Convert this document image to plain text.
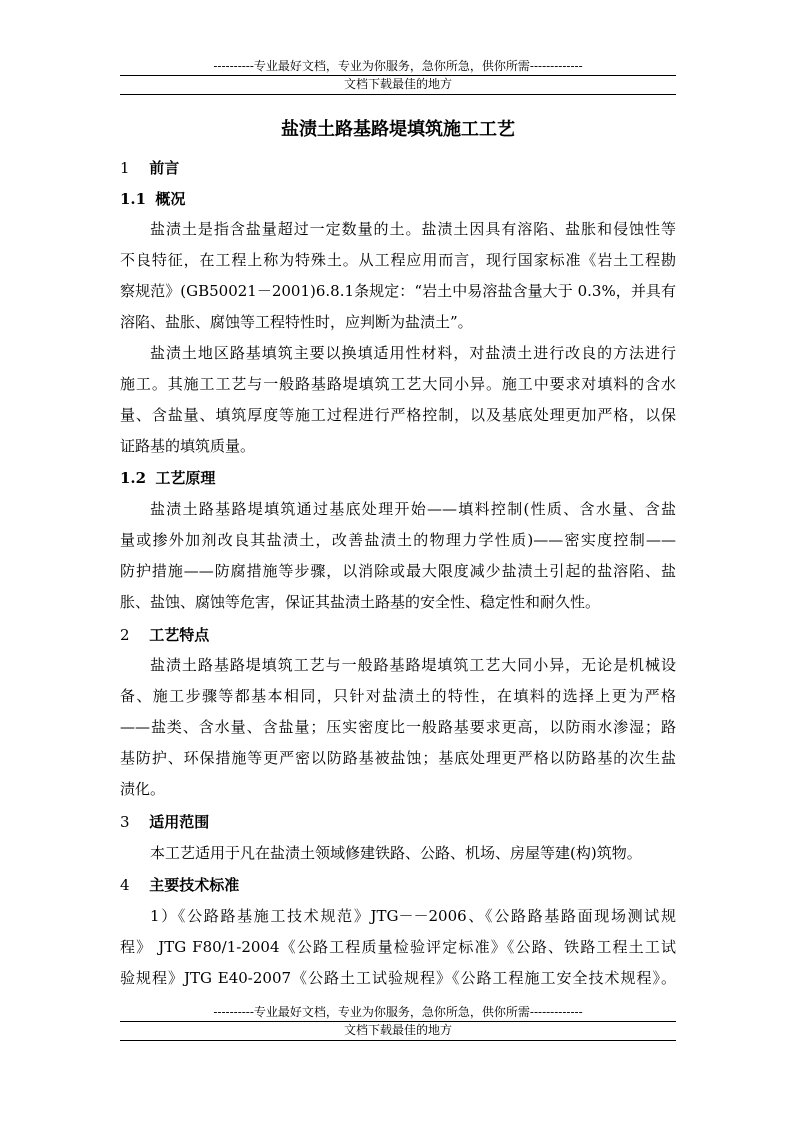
----------专业最好文档，专业为你服务，急你所急，供你所需-------------
文档下载最佳的地方
盐渍土路基路堤填筑施工工艺
1 前言
1.1 概况
盐渍土是指含盐量超过一定数量的土。盐渍土因具有溶陷、盐胀和侵蚀性等
不良特征，在工程上称为特殊土。从工程应用而言，现行国家标准《岩土工程勘
察规范》(GB50021－2001)6.8.1条规定：“岩土中易溶盐含量大于 0.3%，并具有
溶陷、盐胀、腐蚀等工程特性时，应判断为盐渍土”。
盐渍土地区路基填筑主要以换填适用性材料，对盐渍土进行改良的方法进行
施工。其施工工艺与一般路基路堤填筑工艺大同小异。施工中要求对填料的含水
量、含盐量、填筑厚度等施工过程进行严格控制，以及基底处理更加严格，以保
证路基的填筑质量。
1.2 工艺原理
盐渍土路基路堤填筑通过基底处理开始——填料控制(性质、含水量、含盐
量或掺外加剂改良其盐渍土，改善盐渍土的物理力学性质)——密实度控制——
防护措施——防腐措施等步骤，以消除或最大限度减少盐渍土引起的盐溶陷、盐
胀、盐蚀、腐蚀等危害，保证其盐渍土路基的安全性、稳定性和耐久性。
2 工艺特点
盐渍土路基路堤填筑工艺与一般路基路堤填筑工艺大同小异，无论是机械设
备、施工步骤等都基本相同，只针对盐渍土的特性，在填料的选择上更为严格
——盐类、含水量、含盐量；压实密度比一般路基要求更高，以防雨水渗湿；路
基防护、环保措施等更严密以防路基被盐蚀；基底处理更严格以防路基的次生盐
渍化。
3 适用范围
本工艺适用于凡在盐渍土领域修建铁路、公路、机场、房屋等建(构)筑物。
4 主要技术标准
1）《公路路基施工技术规范》JTG－－2006、《公路路基路面现场测试规
程》 JTG F80/1-2004《公路工程质量检验评定标准》《公路、铁路工程土工试
验规程》JTG E40-2007《公路土工试验规程》《公路工程施工安全技术规程》。
----------专业最好文档，专业为你服务，急你所急，供你所需-------------
文档下载最佳的地方
